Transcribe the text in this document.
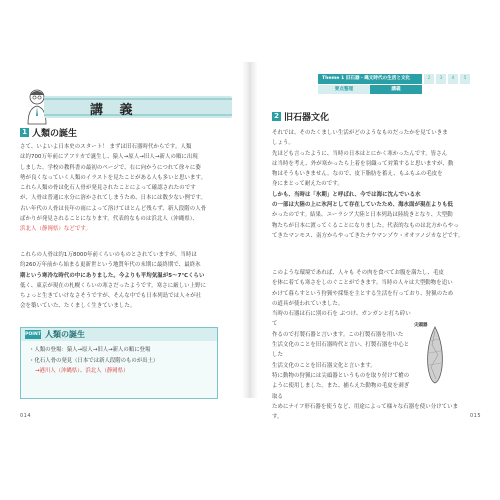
講 義
1 人類の誕生
さて、いよいよ日本史のスタート！ まずは旧石器時代からです。人類
は約700万年前にアフリカで誕生し、猿人→原人→旧人→新人の順に出現
しました。学校の教科書の最初のページで、右に向かうにつれて徐々に姿
勢が良くなっていく人類のイラストを見たことがある人も多いと思います。
これら人類の骨は化石人骨が発見されたことによって確認されたのです
が、人骨は普通に水分に溶かされてしまうため、日本には数少ない例です。
古い年代の人骨は長年の雨によって溶けてほとんど残らず、新人段階の人骨
ばかりが発見されることになります。代表的なものは浜北人（沖縄県）、
浜北人（静岡県）などです。
これらの人骨は約1万8000年前くらいのものとされていますが、当時は
約260万年前から始まる更新世という地質年代の末期に最終期で、最終氷
期という寒冷な時代の中にありました。今よりも平均気温が5～7℃くらい
低く、東京が現在の札幌くらいの寒さだったようです。寒さに厳しい上野に
ちょっと生きていけなさそうですが、そんな中でも日本列島では人々が社
会を築いていた、たくましく生きていました。
POINT 人類の誕生
・人類の登場：猿人→原人→旧人→新人の順に登場
・化石人骨の発見（日本では新人段階のものが出土）
→港川人（沖縄県）、浜北人（静岡県）
014
Theme 1 旧石器・縄文時代の生活と文化	2	3	4	5
要点整理	講義
2 旧石器文化
それでは、そのたくましい生活がどのようなものだったかを見ていきま
しょう。
先ほども言ったように、当時の日本はとにかく寒かったんです。皆さん
は当時を考え、外が寒かったら上着を羽織って対策すると思いますが、動
物はそうもいきません。なので、皮下脂肪を蓄え、もふもふの毛皮を
身にまとって耐えたのです。
しかも、当時は「氷期」と呼ばれ、今では海に沈んでいる水
の一部は大陸の上に氷河として存在していたため、海水面が現在よりも低
かったのです。結果、ユーラシア大陸と日本列島は陸続きとなり、大型動
物たちが日本に渡ってくることになりました。代表的なものは北方からやっ
てきたマンモス、南方からやってきたナウマンゾウ・オオツノジカなどです。
このような環境であれば、人々も その肉を食べてお腹を満たし、毛皮
を体に着ても寒さをしのぐことができます。当時の人々は大型動物を追い
かけて暮らすという狩猟や採集を主とする生活を行っており、狩猟のため
の道具が使われていました。
当時の石器は石に別の石を ぶつけ、ガンガンと打ち砕いて
作るので打製石器と言います。この打製石器を用いた
生活文化のことを旧石器時代と言い、打製石器を中心とした
生活文化のことを旧石器文化と言います。
特に動物の狩猟には尖頭器というものを取り付けて槍の
ように使用しました。また、捕らえた動物の毛皮を剥ぎ取る
ためにナイフ形石器を使うなど、用途によって様々な石器を使い分けていま
す。
尖頭器
015
